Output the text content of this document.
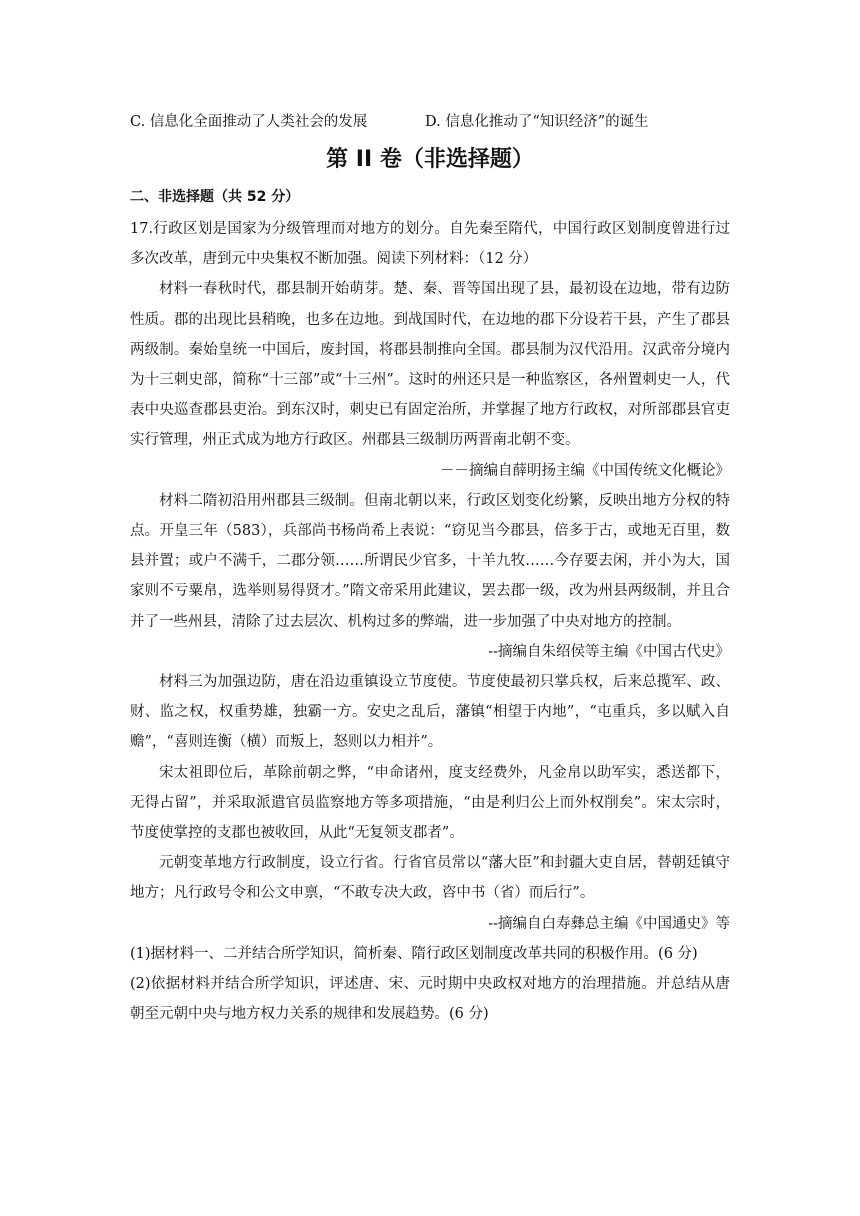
C. 信息化全面推动了人类社会的发展	D. 信息化推动了“知识经济”的诞生
第 II 卷（非选择题）
二、非选择题（共 52 分）

17.行政区划是国家为分级管理而对地方的划分。自先秦至隋代，中国行政区划制度曾进行过多次改革，唐到元中央集权不断加强。阅读下列材料：（12 分）

材料一春秋时代，郡县制开始萌芽。楚、秦、晋等国出现了县，最初设在边地，带有边防性质。郡的出现比县稍晚，也多在边地。到战国时代，在边地的郡下分设若干县，产生了郡县两级制。秦始皇统一中国后，废封国，将郡县制推向全国。郡县制为汉代沿用。汉武帝分境内为十三刺史部，简称“十三部”或“十三州”。这时的州还只是一种监察区，各州置刺史一人，代表中央巡查郡县吏治。到东汉时，刺史已有固定治所，并掌握了地方行政权，对所部郡县官吏实行管理，州正式成为地方行政区。州郡县三级制历两晋南北朝不变。

－－摘编自薛明扬主编《中国传统文化概论》

材料二隋初沿用州郡县三级制。但南北朝以来，行政区划变化纷繁，反映出地方分权的特点。开皇三年（583），兵部尚书杨尚希上表说：“窃见当今郡县，倍多于古，或地无百里，数县并置；或户不满千，二郡分领……所谓民少官多，十羊九牧……今存要去闲，并小为大，国家则不亏粟帛，选举则易得贤才。”隋文帝采用此建议，罢去郡一级，改为州县两级制，并且合并了一些州县，清除了过去层次、机构过多的弊端，进一步加强了中央对地方的控制。

--摘编自朱绍侯等主编《中国古代史》

材料三为加强边防，唐在沿边重镇设立节度使。节度使最初只掌兵权，后来总揽军、政、财、监之权，权重势雄，独霸一方。安史之乱后，藩镇“相望于内地”，“屯重兵，多以赋入自赡”，“喜则连衡（横）而叛上，怒则以力相并”。

宋太祖即位后，革除前朝之弊，“申命诸州，度支经费外，凡金帛以助军实，悉送都下，无得占留”，并采取派遣官员监察地方等多项措施，“由是利归公上而外权削矣”。宋太宗时，节度使掌控的支郡也被收回，从此“无复领支郡者”。

元朝变革地方行政制度，设立行省。行省官员常以“藩大臣”和封疆大吏自居，替朝廷镇守地方；凡行政号令和公文申禀，“不敢专决大政，咨中书（省）而后行”。

--摘编自白寿彝总主编《中国通史》等

(1)据材料一、二并结合所学知识，简析秦、隋行政区划制度改革共同的积极作用。(6 分)

(2)依据材料并结合所学知识，评述唐、宋、元时期中央政权对地方的治理措施。并总结从唐朝至元朝中央与地方权力关系的规律和发展趋势。(6 分)
